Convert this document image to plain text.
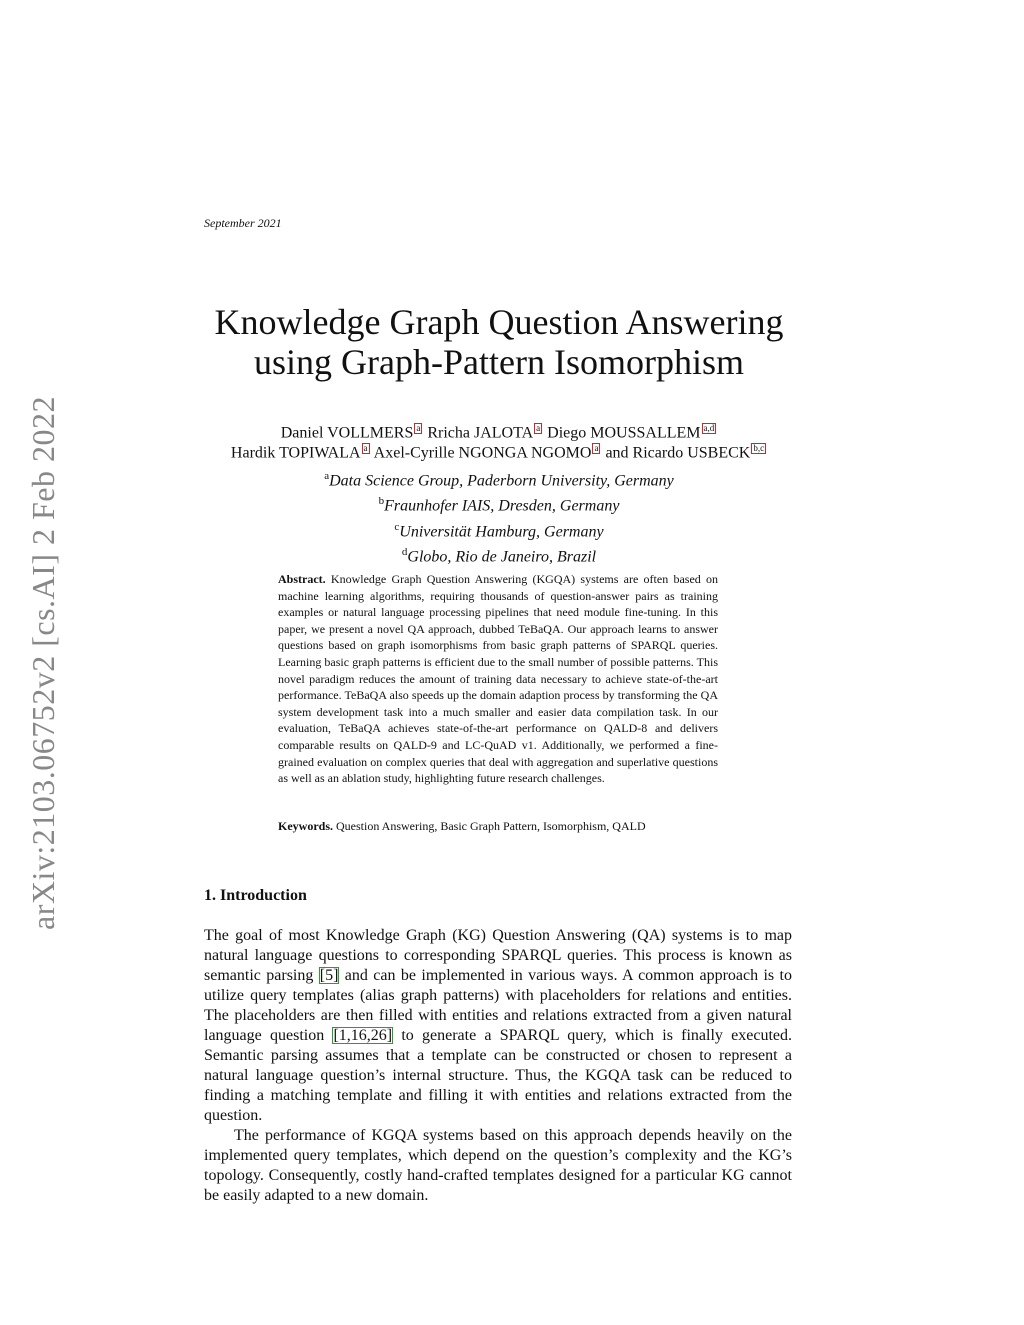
September 2021
arXiv:2103.06752v2 [cs.AI] 2 Feb 2022
Knowledge Graph Question Answering
using Graph-Pattern Isomorphism
Daniel VOLLMERS a Rricha JALOTA a Diego MOUSSALLEM a,d
Hardik TOPIWALA a Axel-Cyrille NGONGA NGOMO a and Ricardo USBECK b,c
$^a$Data Science Group, Paderborn University, Germany
$^b$Fraunhofer IAIS, Dresden, Germany
$^c$Universität Hamburg, Germany
$^d$Globo, Rio de Janeiro, Brazil
Abstract. Knowledge Graph Question Answering (KGQA) systems are often based on machine learning algorithms, requiring thousands of question-answer pairs as training examples or natural language processing pipelines that need module fine-tuning. In this paper, we present a novel QA approach, dubbed TeBaQA. Our approach learns to answer questions based on graph isomorphisms from basic graph patterns of SPARQL queries. Learning basic graph patterns is efficient due to the small number of possible patterns. This novel paradigm reduces the amount of training data necessary to achieve state-of-the-art performance. TeBaQA also speeds up the domain adaption process by transforming the QA system development task into a much smaller and easier data compilation task. In our evaluation, TeBaQA achieves state-of-the-art performance on QALD-8 and delivers comparable results on QALD-9 and LC-QuAD v1. Additionally, we performed a fine-grained evaluation on complex queries that deal with aggregation and superlative questions as well as an ablation study, highlighting future research challenges.
Keywords. Question Answering, Basic Graph Pattern, Isomorphism, QALD
1. Introduction
The goal of most Knowledge Graph (KG) Question Answering (QA) systems is to map natural language questions to corresponding SPARQL queries. This process is known as semantic parsing [5] and can be implemented in various ways. A common approach is to utilize query templates (alias graph patterns) with placeholders for relations and entities. The placeholders are then filled with entities and relations extracted from a given natural language question [1,16,26] to generate a SPARQL query, which is finally executed. Semantic parsing assumes that a template can be constructed or chosen to represent a natural language question’s internal structure. Thus, the KGQA task can be reduced to finding a matching template and filling it with entities and relations extracted from the question.
The performance of KGQA systems based on this approach depends heavily on the implemented query templates, which depend on the question’s complexity and the KG’s topology. Consequently, costly hand-crafted templates designed for a particular KG cannot be easily adapted to a new domain.
